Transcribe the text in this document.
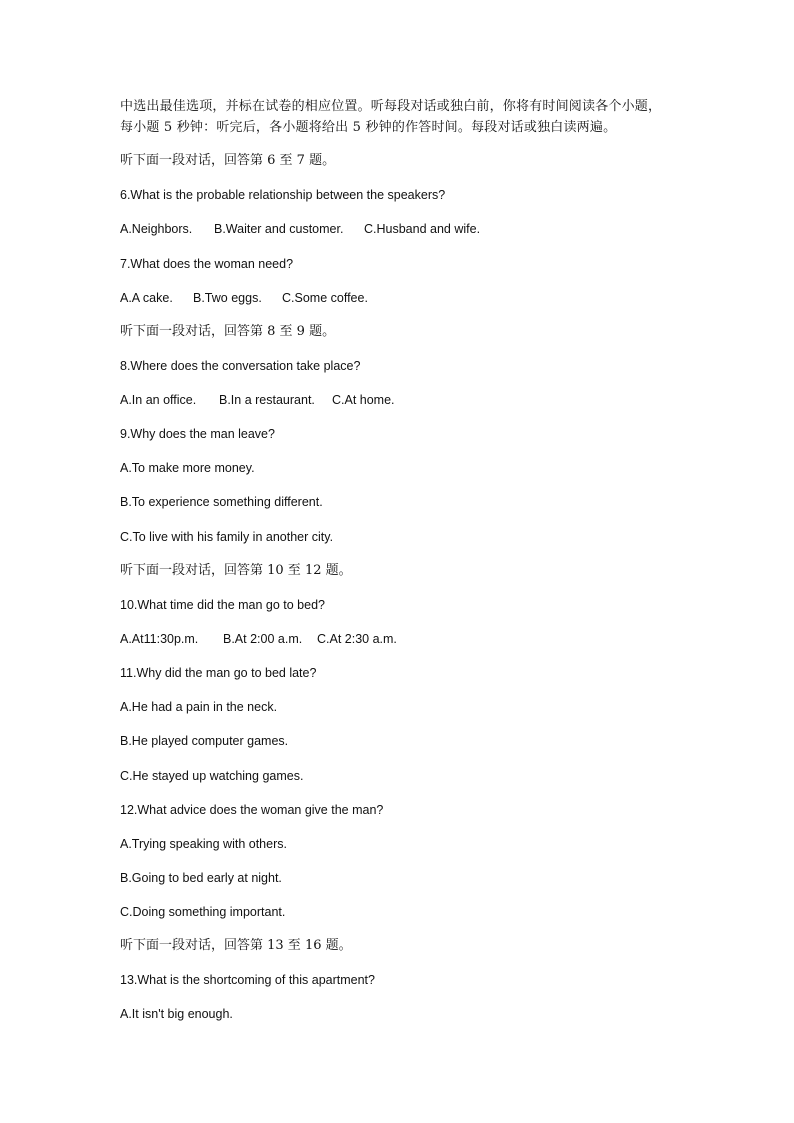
中选出最佳选项，并标在试卷的相应位置。听每段对话或独白前，你将有时间阅读各个小题，

每小题 5 秒钟：听完后，各小题将给出 5 秒钟的作答时间。每段对话或独白读两遍。

听下面一段对话，回答第 6 至 7 题。

6.What is the probable relationship between the speakers?

A.Neighbors. B.Waiter and customer. C.Husband and wife.

7.What does the woman need?

A.A cake. B.Two eggs. C.Some coffee.

听下面一段对话，回答第 8 至 9 题。

8.Where does the conversation take place?

A.In an office. B.In a restaurant. C.At home.

9.Why does the man leave?

A.To make more money.

B.To experience something different.

C.To live with his family in another city.

听下面一段对话，回答第 10 至 12 题。

10.What time did the man go to bed?

A.At11:30p.m. B.At 2:00 a.m. C.At 2:30 a.m.

11.Why did the man go to bed late?

A.He had a pain in the neck.

B.He played computer games.

C.He stayed up watching games.

12.What advice does the woman give the man?

A.Trying speaking with others.

B.Going to bed early at night.

C.Doing something important.

听下面一段对话，回答第 13 至 16 题。

13.What is the shortcoming of this apartment?

A.It isn't big enough.
